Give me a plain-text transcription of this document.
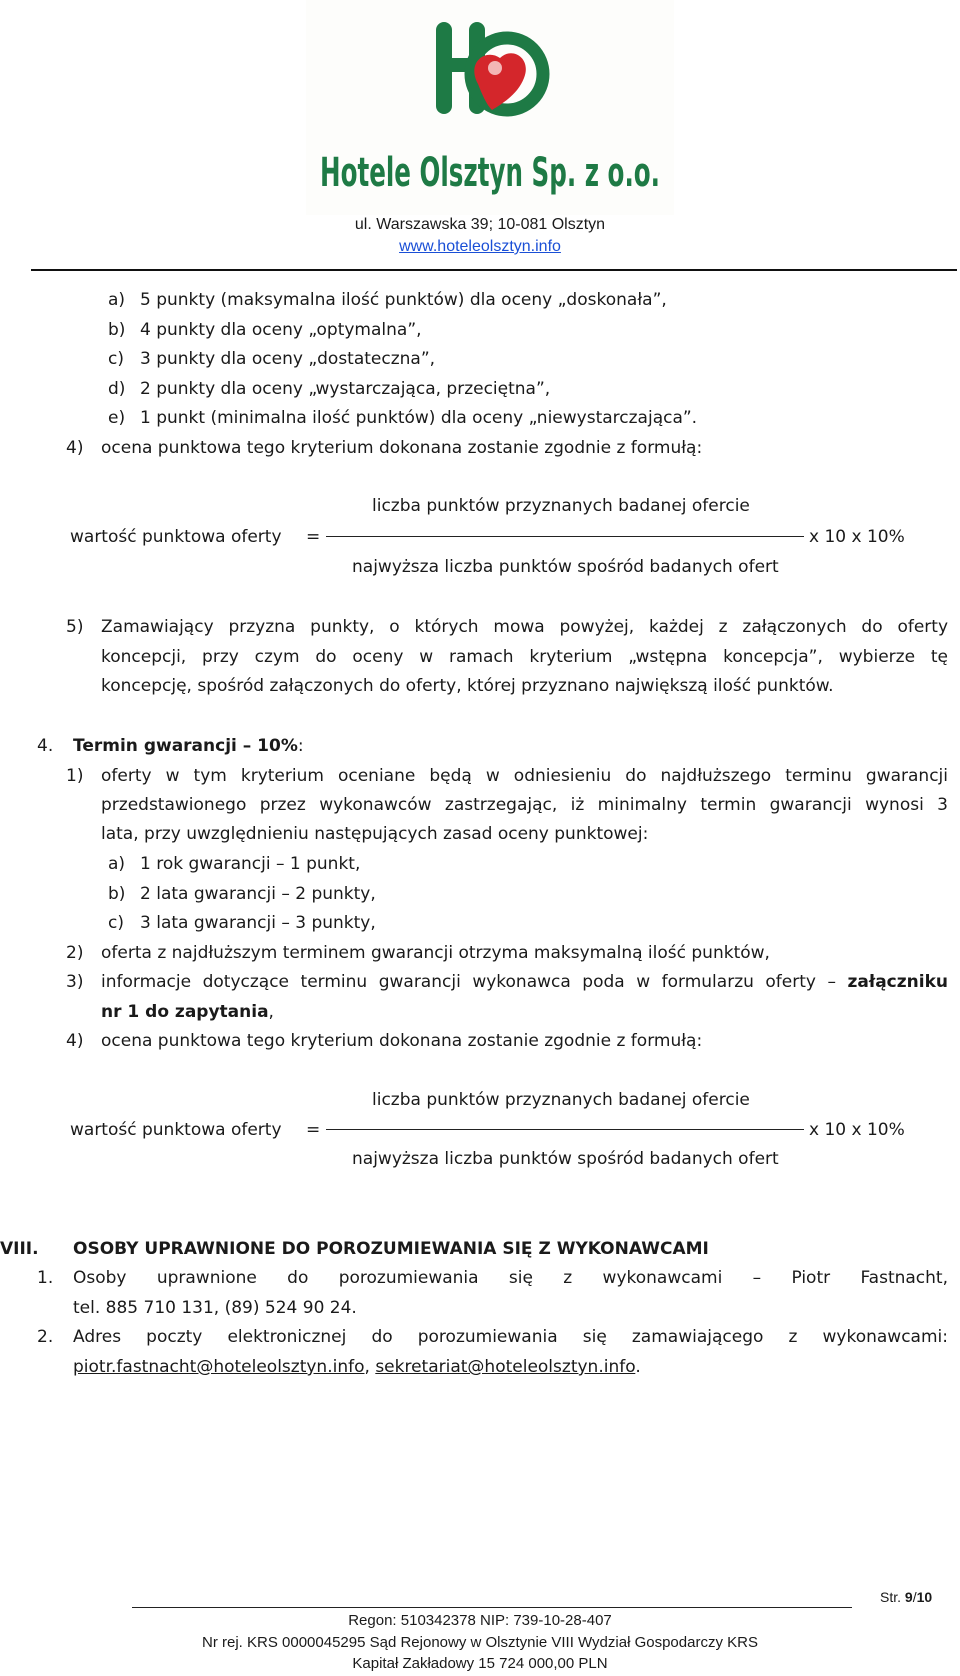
Hotele Olsztyn Sp. z o.o.
ul. Warszawska 39; 10-081 Olsztyn
www.hoteleolsztyn.info
a) 5 punkty (maksymalna ilość punktów) dla oceny „doskonała”,
b) 4 punkty dla oceny „optymalna”,
c) 3 punkty dla oceny „dostateczna”,
d) 2 punkty dla oceny „wystarczająca, przeciętna”,
e) 1 punkt (minimalna ilość punktów) dla oceny „niewystarczająca”.
4) ocena punktowa tego kryterium dokonana zostanie zgodnie z formułą:
liczba punktów przyznanych badanej ofercie
wartość punktowa oferty =	x 10 x 10%
najwyższa liczba punktów spośród badanych ofert
5) Zamawiający przyzna punkty, o których mowa powyżej, każdej z załączonych do oferty
koncepcji, przy czym do oceny w ramach kryterium „wstępna koncepcja”, wybierze tę
koncepcję, spośród załączonych do oferty, której przyznano największą ilość punktów.
4. Termin gwarancji – 10%:
1) oferty w tym kryterium oceniane będą w odniesieniu do najdłuższego terminu gwarancji
przedstawionego przez wykonawców zastrzegając, iż minimalny termin gwarancji wynosi 3
lata, przy uwzględnieniu następujących zasad oceny punktowej:
a) 1 rok gwarancji – 1 punkt,
b) 2 lata gwarancji – 2 punkty,
c) 3 lata gwarancji – 3 punkty,
2) oferta z najdłuższym terminem gwarancji otrzyma maksymalną ilość punktów,
3) informacje dotyczące terminu gwarancji wykonawca poda w formularzu oferty – załączniku
nr 1 do zapytania,
4) ocena punktowa tego kryterium dokonana zostanie zgodnie z formułą:
liczba punktów przyznanych badanej ofercie
wartość punktowa oferty =	x 10 x 10%
najwyższa liczba punktów spośród badanych ofert
VIII. OSOBY UPRAWNIONE DO POROZUMIEWANIA SIĘ Z WYKONAWCAMI
1. Osoby uprawnione do porozumiewania się z wykonawcami – Piotr Fastnacht,
tel. 885 710 131, (89) 524 90 24.
2. Adres poczty elektronicznej do porozumiewania się zamawiającego z wykonawcami:
piotr.fastnacht@hoteleolsztyn.info, sekretariat@hoteleolsztyn.info.
Str. 9/10
Regon: 510342378 NIP: 739-10-28-407
Nr rej. KRS 0000045295 Sąd Rejonowy w Olsztynie VIII Wydział Gospodarczy KRS
Kapitał Zakładowy 15 724 000,00 PLN
